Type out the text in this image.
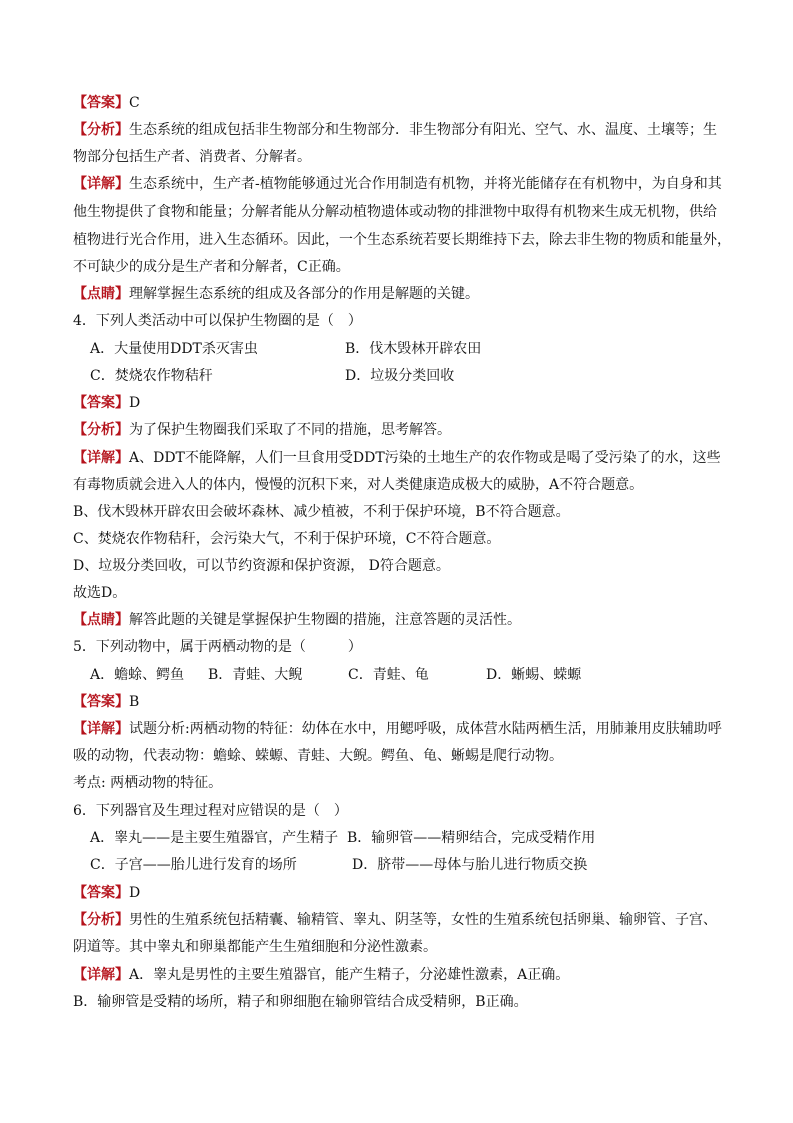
【答案】C
【分析】生态系统的组成包括非生物部分和生物部分．非生物部分有阳光、空气、水、温度、土壤等；生
物部分包括生产者、消费者、分解者。
【详解】生态系统中，生产者-植物能够通过光合作用制造有机物，并将光能储存在有机物中，为自身和其
他生物提供了食物和能量；分解者能从分解动植物遗体或动物的排泄物中取得有机物来生成无机物，供给
植物进行光合作用，进入生态循环。因此，一个生态系统若要长期维持下去，除去非生物的物质和能量外，
不可缺少的成分是生产者和分解者，C正确。
【点睛】理解掌握生态系统的组成及各部分的作用是解题的关键。
4．下列人类活动中可以保护生物圈的是（　）
A．大量使用DDT杀灭害虫	B．伐木毁林开辟农田
C．焚烧农作物秸秆	D．垃圾分类回收
【答案】D
【分析】为了保护生物圈我们采取了不同的措施，思考解答。
【详解】A、DDT不能降解，人们一旦食用受DDT污染的土地生产的农作物或是喝了受污染了的水，这些
有毒物质就会进入人的体内，慢慢的沉积下来，对人类健康造成极大的威胁，A不符合题意。
B、伐木毁林开辟农田会破坏森林、减少植被，不利于保护环境，B不符合题意。
C、焚烧农作物秸秆，会污染大气，不利于保护环境，C不符合题意。
D、垃圾分类回收，可以节约资源和保护资源， D符合题意。
故选D。
【点睛】解答此题的关键是掌握保护生物圈的措施，注意答题的灵活性。
5．下列动物中，属于两栖动物的是（　　　）
A．蟾蜍、鳄鱼 B．青蛙、大鲵	C．青蛙、龟	D．蜥蜴、蝾螈
【答案】B
【详解】试题分析:两栖动物的特征：幼体在水中，用鳃呼吸，成体营水陆两栖生活，用肺兼用皮肤辅助呼
吸的动物，代表动物：蟾蜍、蝾螈、青蛙、大鲵。鳄鱼、龟、蜥蜴是爬行动物。
考点: 两栖动物的特征。
6．下列器官及生理过程对应错误的是（　）
A．睾丸——是主要生殖器官，产生精子 B．输卵管——精卵结合，完成受精作用
C．子宫——胎儿进行发育的场所	D．脐带——母体与胎儿进行物质交换
【答案】D
【分析】男性的生殖系统包括精囊、输精管、睾丸、阴茎等，女性的生殖系统包括卵巢、输卵管、子宫、
阴道等。其中睾丸和卵巢都能产生生殖细胞和分泌性激素。
【详解】A．睾丸是男性的主要生殖器官，能产生精子，分泌雄性激素，A正确。
B．输卵管是受精的场所，精子和卵细胞在输卵管结合成受精卵，B正确。
